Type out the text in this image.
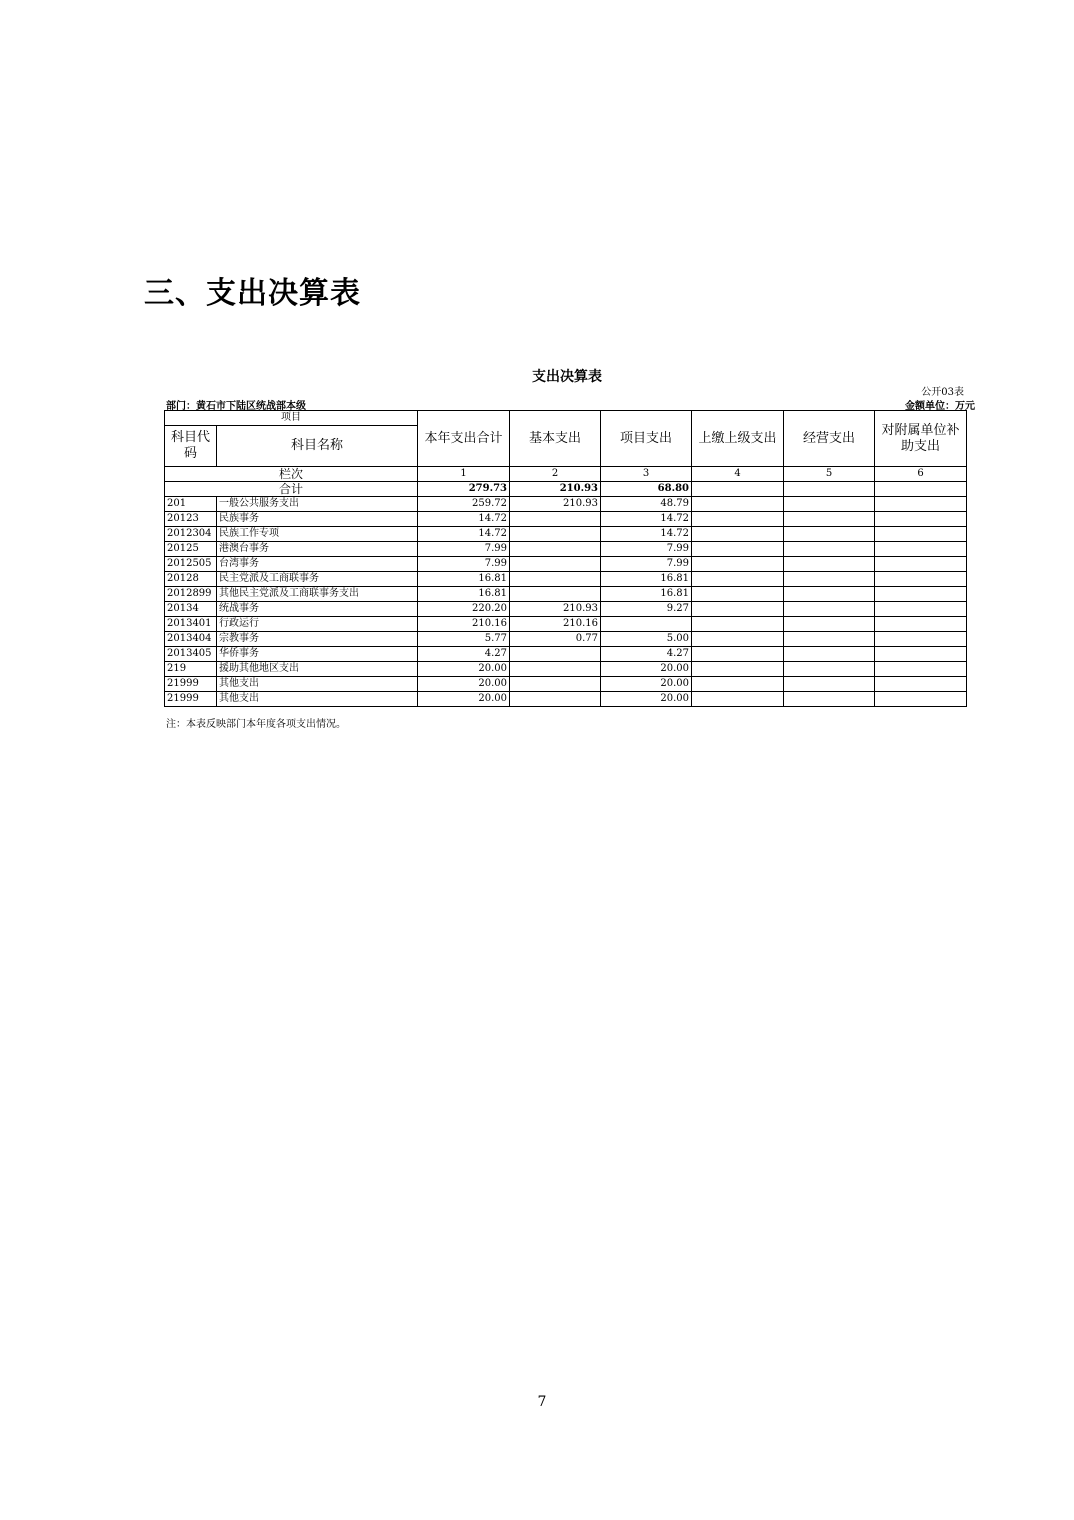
三、支出决算表
支出决算表
公开03表
部门：黄石市下陆区统战部本级	金额单位：万元
项目		本年支出合计	基本支出	项目支出	上缴上级支出	经营支出	对附属单位补助支出
科目代码	科目名称						
栏次		1	2	3	4	5	6
合计		279.73	210.93	68.80			
201	一般公共服务支出	259.72	210.93	48.79			
20123	民族事务	14.72		14.72			
2012304	民族工作专项	14.72		14.72			
20125	港澳台事务	7.99		7.99			
2012505	台湾事务	7.99		7.99			
20128	民主党派及工商联事务	16.81		16.81			
2012899	其他民主党派及工商联事务支出	16.81		16.81			
20134	统战事务	220.20	210.93	9.27			
2013401	行政运行	210.16	210.16				
2013404	宗教事务	5.77	0.77	5.00			
2013405	华侨事务	4.27		4.27			
219	援助其他地区支出	20.00		20.00			
21999	其他支出	20.00		20.00			
21999	其他支出	20.00		20.00			
注：本表反映部门本年度各项支出情况。
7
